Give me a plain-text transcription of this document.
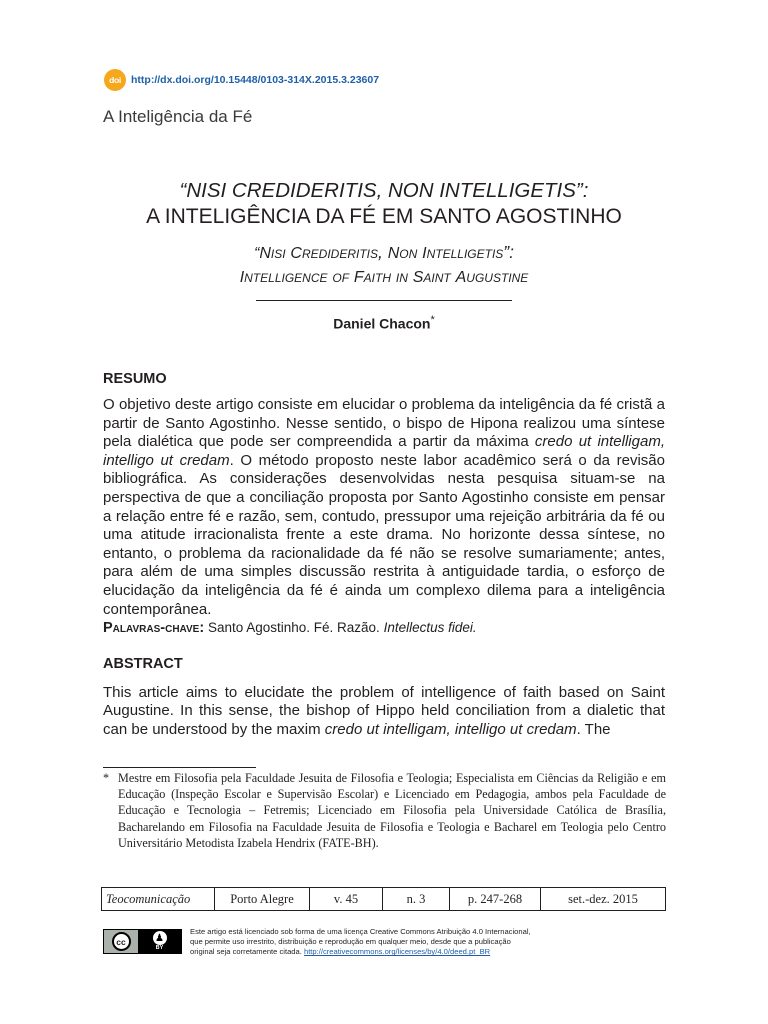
doi http://dx.doi.org/10.15448/0103-314X.2015.3.23607
A Inteligência da Fé
“NISI CREDIDERITIS, NON INTELLIGETIS”:
A INTELIGÊNCIA DA FÉ EM SANTO AGOSTINHO
“Nisi Credideritis, Non Intelligetis”:
Intelligence of Faith in Saint Augustine
Daniel Chacon*
RESUMO
O objetivo deste artigo consiste em elucidar o problema da inteligência da fé cristã a partir de Santo Agostinho. Nesse sentido, o bispo de Hipona realizou uma síntese pela dialética que pode ser compreendida a partir da máxima credo ut intelligam, intelligo ut credam. O método proposto neste labor acadêmico será o da revisão bibliográfica. As considerações desenvolvidas nesta pesquisa situam-se na perspectiva de que a conciliação proposta por Santo Agostinho consiste em pensar a relação entre fé e razão, sem, contudo, pressupor uma rejeição arbitrária da fé ou uma atitude irracionalista frente a este drama. No horizonte dessa síntese, no entanto, o problema da racionalidade da fé não se resolve sumariamente; antes, para além de uma simples discussão restrita à antiguidade tardia, o esforço de elucidação da inteligência da fé é ainda um complexo dilema para a inteligência contemporânea.
Palavras-chave: Santo Agostinho. Fé. Razão. Intellectus fidei.
ABSTRACT
This article aims to elucidate the problem of intelligence of faith based on Saint Augustine. In this sense, the bishop of Hippo held conciliation from a dialetic that can be understood by the maxim credo ut intelligam, intelligo ut credam. The
* Mestre em Filosofia pela Faculdade Jesuita de Filosofia e Teologia; Especialista em Ciências da Religião e em Educação (Inspeção Escolar e Supervisão Escolar) e Licenciado em Pedagogia, ambos pela Faculdade de Educação e Tecnologia – Fetremis; Licenciado em Filosofia pela Universidade Católica de Brasília, Bacharelando em Filosofia na Faculdade Jesuita de Filosofia e Teologia e Bacharel em Teologia pelo Centro Universitário Metodista Izabela Hendrix (FATE-BH).
Teocomunicação	Porto Alegre	v. 45	n. 3	p. 247-268	set.-dez. 2015
cc	♟
BY
Este artigo está licenciado sob forma de uma licença Creative Commons Atribuição 4.0 Internacional,
que permite uso irrestrito, distribuição e reprodução em qualquer meio, desde que a publicação
original seja corretamente citada. http://creativecommons.org/licenses/by/4.0/deed.pt_BR
